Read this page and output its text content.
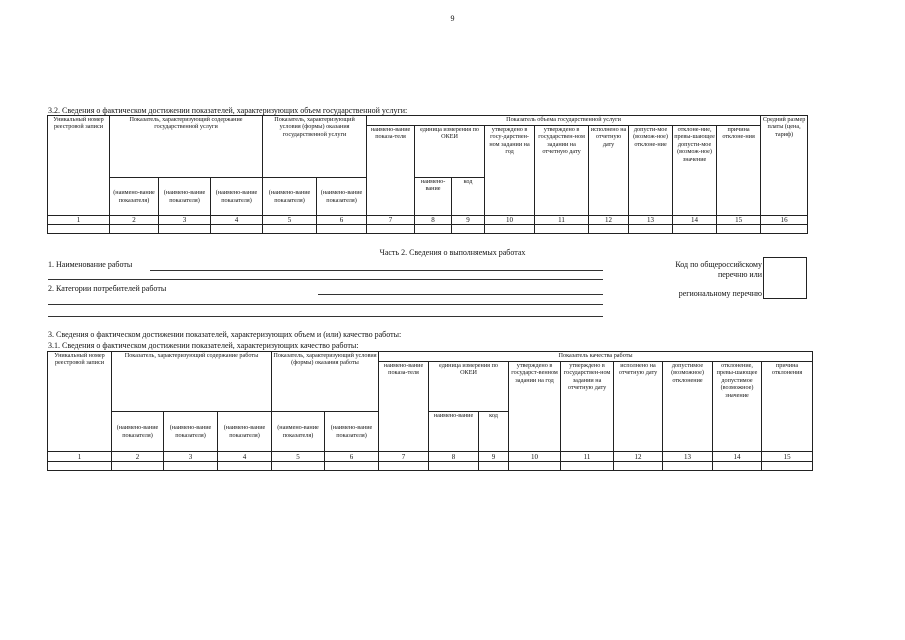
9
3.2. Сведения о фактическом достижении показателей, характеризующих объем государственной услуги:
Уникальный номер реестровой записи	Показатель, характеризующий содержание государственной услуги			Показатель, характеризующий условия (формы) оказания государственной услуги		Показатель объема государственной услуги									Средний размер платы (цена, тариф)
						наимено-вание показа-теля	единица измерения по ОКЕИ		утверждено в госу-дарствен-ном задании на год	утверждено в государствен-ном задании на отчетную дату	исполнено на отчетную дату	допусти-мое (возмож-ное) отклоне-ние	отклоне-ние, превы-шающее допусти-мое (возмож-ное) значение	причина отклоне-ния	
	(наимено-вание показателя)	(наимено-вание показателя)	(наимено-вание показателя)	(наимено-вание показателя)	(наимено-вание показателя)		наимено-вание	код							
1	2	3	4	5	6	7	8	9	10	11	12	13	14	15	16

Часть 2. Сведения о выполняемых работах
1. Наименование работы
2. Категории потребителей работы
Код по общероссийскому
перечню или
региональному перечню
3. Сведения о фактическом достижении показателей, характеризующих объем и (или) качество работы:
3.1. Сведения о фактическом достижении показателей, характеризующих качество работы:
Уникальный номер реестровой записи	Показатель, характеризующий содержание работы			Показатель, характеризующий условия (формы) оказания работы		Показатель качества работы								
						наимено-вание показа-теля	единица измерения по ОКЕИ		утверждено в государст-венном задании на год	утверждено в государствен-ном задании на отчетную дату	исполнено на отчетную дату	допустимое (возможное) отклонение	отклонение, превы-шающее допустимое (возможное) значение	причина отклонения
	(наимено-вание показателя)	(наимено-вание показателя)	(наимено-вание показателя)	(наимено-вание показателя)	(наимено-вание показателя)		наимено-вание	код						
1	2	3	4	5	6	7	8	9	10	11	12	13	14	15
